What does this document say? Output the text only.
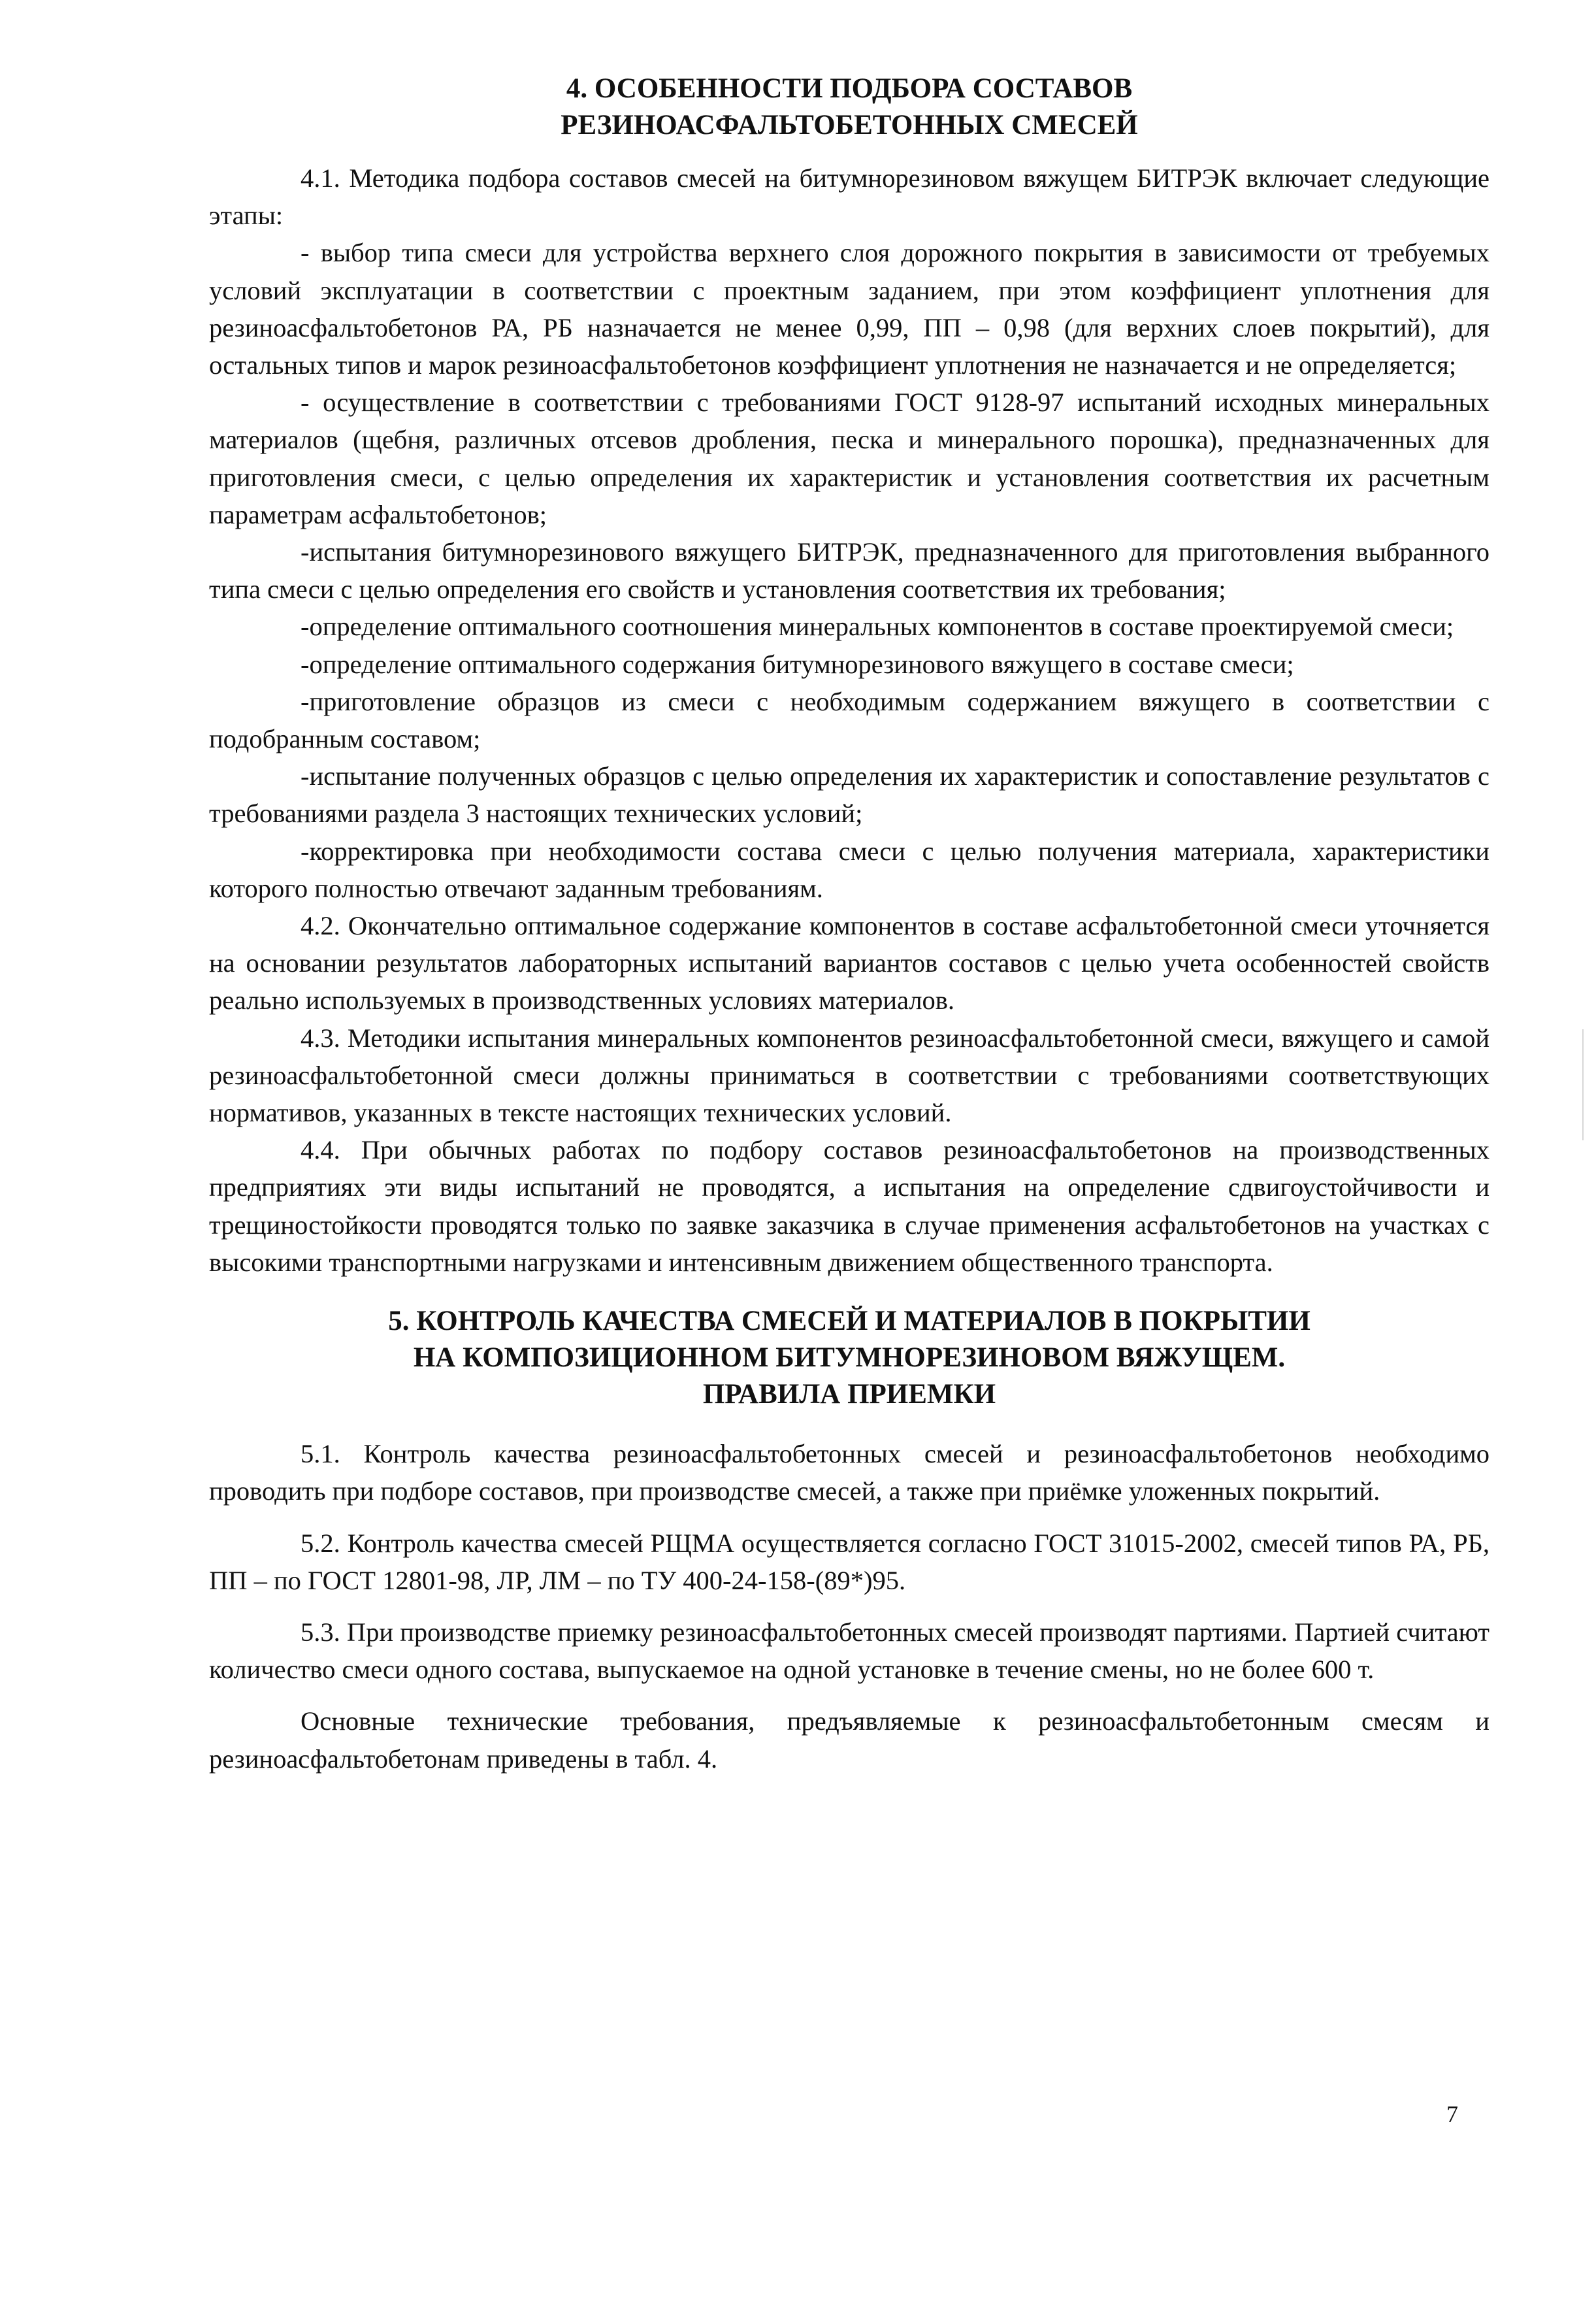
4. ОСОБЕННОСТИ ПОДБОРА СОСТАВОВ
РЕЗИНОАСФАЛЬТОБЕТОННЫХ СМЕСЕЙ

4.1. Методика подбора составов смесей на битумнорезиновом вяжущем БИТРЭК включает следующие этапы:

- выбор типа смеси для устройства верхнего слоя дорожного покрытия в зависимости от требуемых условий эксплуатации в соответствии с проектным заданием, при этом коэффициент уплотнения для резиноасфальтобетонов РА, РБ назначается не менее 0,99, ПП – 0,98 (для верхних слоев покрытий), для остальных типов и марок резиноасфальтобетонов коэффициент уплотнения не назначается и не определяется;

- осуществление в соответствии с требованиями ГОСТ 9128-97 испытаний исходных минеральных материалов (щебня, различных отсевов дробления, песка и минерального порошка), предназначенных для приготовления смеси, с целью определения их характеристик и установления соответствия их расчетным параметрам асфальтобетонов;

-испытания битумнорезинового вяжущего БИТРЭК, предназначенного для приготовления выбранного типа смеси с целью определения его свойств и установления соответствия их требования;

-определение оптимального соотношения минеральных компонентов в составе проектируемой смеси;

-определение оптимального содержания битумнорезинового вяжущего в составе смеси;

-приготовление образцов из смеси с необходимым содержанием вяжущего в соответствии с подобранным составом;

-испытание полученных образцов с целью определения их характеристик и сопоставление результатов с требованиями раздела 3 настоящих технических условий;

-корректировка при необходимости состава смеси с целью получения материала, характеристики которого полностью отвечают заданным требованиям.

4.2. Окончательно оптимальное содержание компонентов в составе асфальтобетонной смеси уточняется на основании результатов лабораторных испытаний вариантов составов с целью учета особенностей свойств реально используемых в производственных условиях материалов.

4.3. Методики испытания минеральных компонентов резиноасфальтобетонной смеси, вяжущего и самой резиноасфальтобетонной смеси должны приниматься в соответствии с требованиями соответствующих нормативов, указанных в тексте настоящих технических условий.

4.4. При обычных работах по подбору составов резиноасфальтобетонов на производственных предприятиях эти виды испытаний не проводятся, а испытания на определение сдвигоустойчивости и трещиностойкости проводятся только по заявке заказчика в случае применения асфальтобетонов на участках с высокими транспортными нагрузками и интенсивным движением общественного транспорта.

5. КОНТРОЛЬ КАЧЕСТВА СМЕСЕЙ И МАТЕРИАЛОВ В ПОКРЫТИИ
НА КОМПОЗИЦИОННОМ БИТУМНОРЕЗИНОВОМ ВЯЖУЩЕМ.
ПРАВИЛА ПРИЕМКИ

5.1. Контроль качества резиноасфальтобетонных смесей и резиноасфальтобетонов необходимо проводить при подборе составов, при производстве смесей, а также при приёмке уложенных покрытий.

5.2. Контроль качества смесей РЩМА осуществляется согласно ГОСТ 31015-2002, смесей типов РА, РБ, ПП – по ГОСТ 12801-98, ЛР, ЛМ – по ТУ 400-24-158-(89*)95.

5.3. При производстве приемку резиноасфальтобетонных смесей производят партиями. Партией считают количество смеси одного состава, выпускаемое на одной установке в течение смены, но не более 600 т.

Основные технические требования, предъявляемые к резиноасфальтобетонным смесям и резиноасфальтобетонам приведены в табл. 4.

7
